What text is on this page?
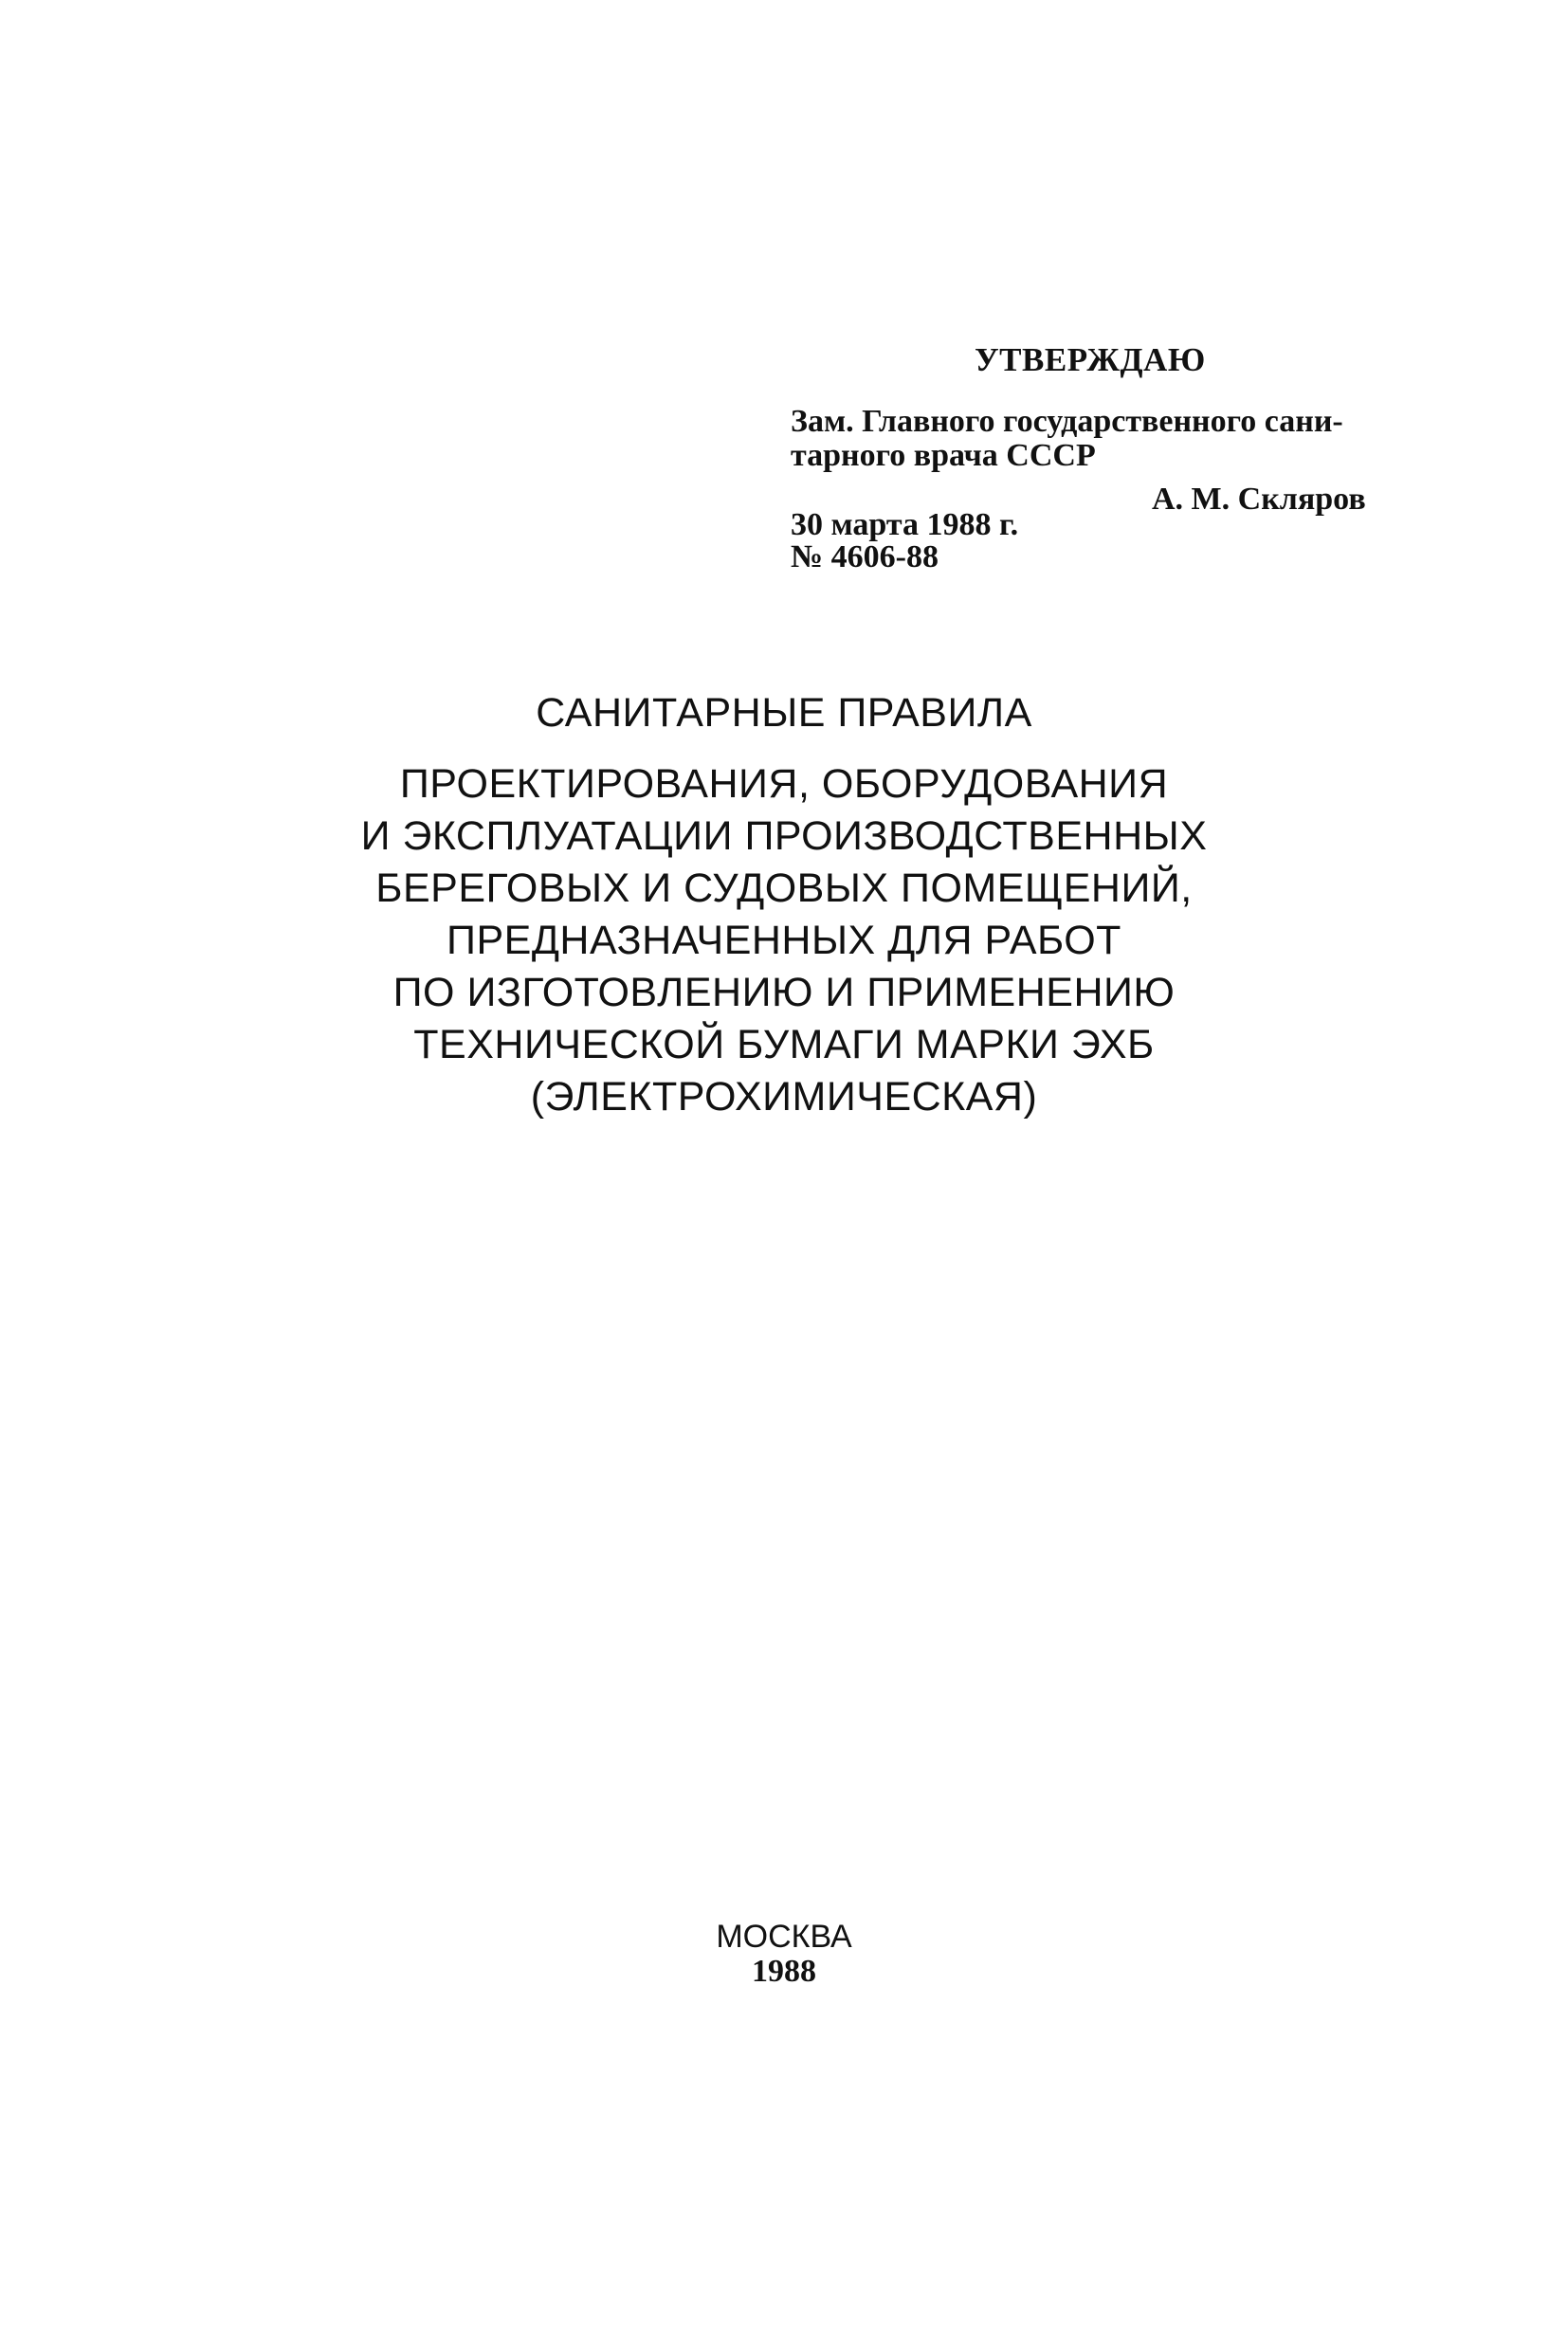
УТВЕРЖДАЮ
Зам. Главного государственного сани-
тарного врача СССР
А. М. Скляров
30 марта 1988 г.
№ 4606-88
САНИТАРНЫЕ ПРАВИЛА
ПРОЕКТИРОВАНИЯ, ОБОРУДОВАНИЯ
И ЭКСПЛУАТАЦИИ ПРОИЗВОДСТВЕННЫХ
БЕРЕГОВЫХ И СУДОВЫХ ПОМЕЩЕНИЙ,
ПРЕДНАЗНАЧЕННЫХ ДЛЯ РАБОТ
ПО ИЗГОТОВЛЕНИЮ И ПРИМЕНЕНИЮ
ТЕХНИЧЕСКОЙ БУМАГИ МАРКИ ЭХБ
(ЭЛЕКТРОХИМИЧЕСКАЯ)
МОСКВА
1988
